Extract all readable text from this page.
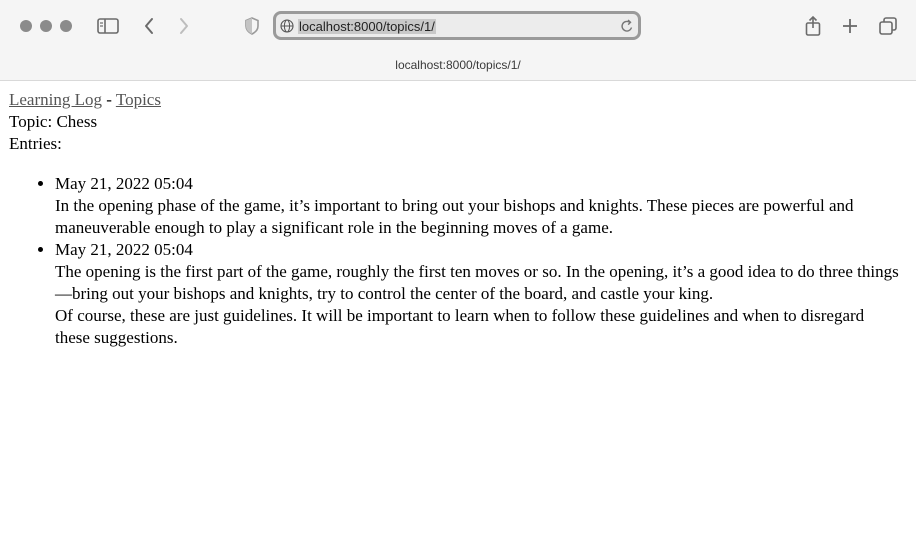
localhost:8000/topics/1/
localhost:8000/topics/1/

Learning Log - Topics

Topic: Chess

Entries:

• May 21, 2022 05:04

In the opening phase of the game, it’s important to bring out your bishops and knights. These pieces are powerful and maneuverable enough to play a significant role in the beginning moves of a game.

• May 21, 2022 05:04

The opening is the first part of the game, roughly the first ten moves or so. In the opening, it’s a good idea to do three things—bring out your bishops and knights, try to control the center of the board, and castle your king.

Of course, these are just guidelines. It will be important to learn when to follow these guidelines and when to disregard these suggestions.
